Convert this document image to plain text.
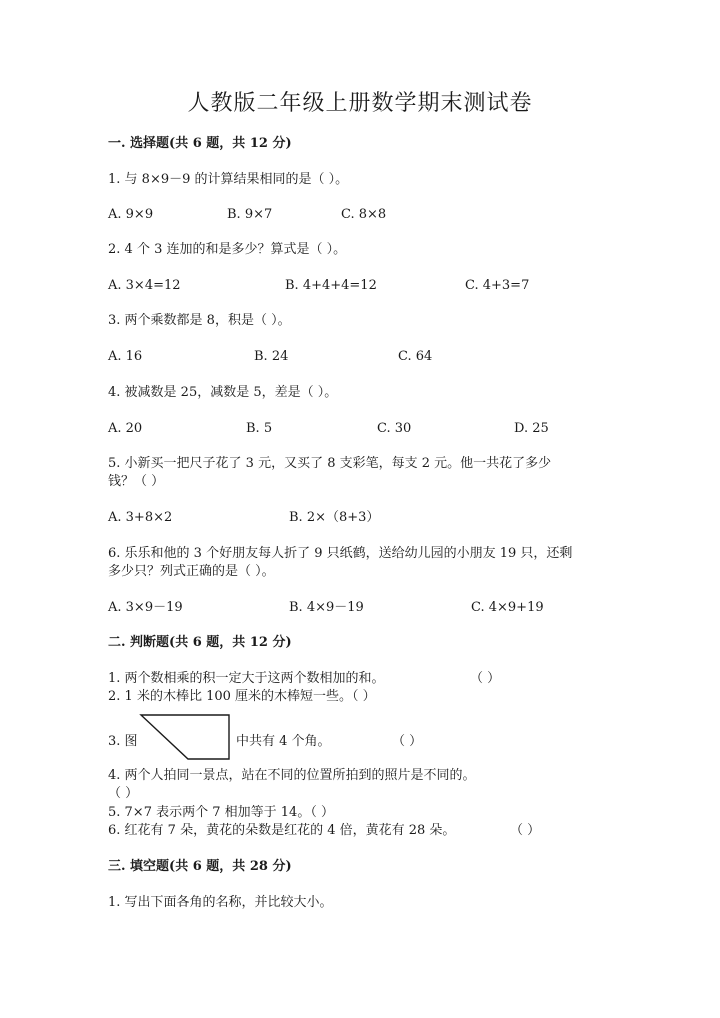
人教版二年级上册数学期末测试卷
一. 选择题(共 6 题，共 12 分)
1. 与 8×9－9 的计算结果相同的是（ ）。
A. 9×9	B. 9×7	C. 8×8
2. 4 个 3 连加的和是多少？算式是（ ）。
A. 3×4=12	B. 4+4+4=12	C. 4+3=7
3. 两个乘数都是 8，积是（ ）。
A. 16	B. 24	C. 64
4. 被减数是 25，减数是 5，差是（ ）。
A. 20	B. 5	C. 30	D. 25
5. 小新买一把尺子花了 3 元，又买了 8 支彩笔，每支 2 元。他一共花了多少
钱？（ ）
A. 3+8×2	B. 2×（8+3）
6. 乐乐和他的 3 个好朋友每人折了 9 只纸鹤，送给幼儿园的小朋友 19 只，还剩
多少只？列式正确的是（ ）。
A. 3×9－19	B. 4×9－19	C. 4×9+19
二. 判断题(共 6 题，共 12 分)
1. 两个数相乘的积一定大于这两个数相加的和。	（ ）
2. 1 米的木棒比 100 厘米的木棒短一些。（ ）
3. 图	中共有 4 个角。	（ ）
4. 两个人拍同一景点，站在不同的位置所拍到的照片是不同的。
（ ）
5. 7×7 表示两个 7 相加等于 14。（ ）
6. 红花有 7 朵，黄花的朵数是红花的 4 倍，黄花有 28 朵。	（ ）
三. 填空题(共 6 题，共 28 分)
1. 写出下面各角的名称，并比较大小。
